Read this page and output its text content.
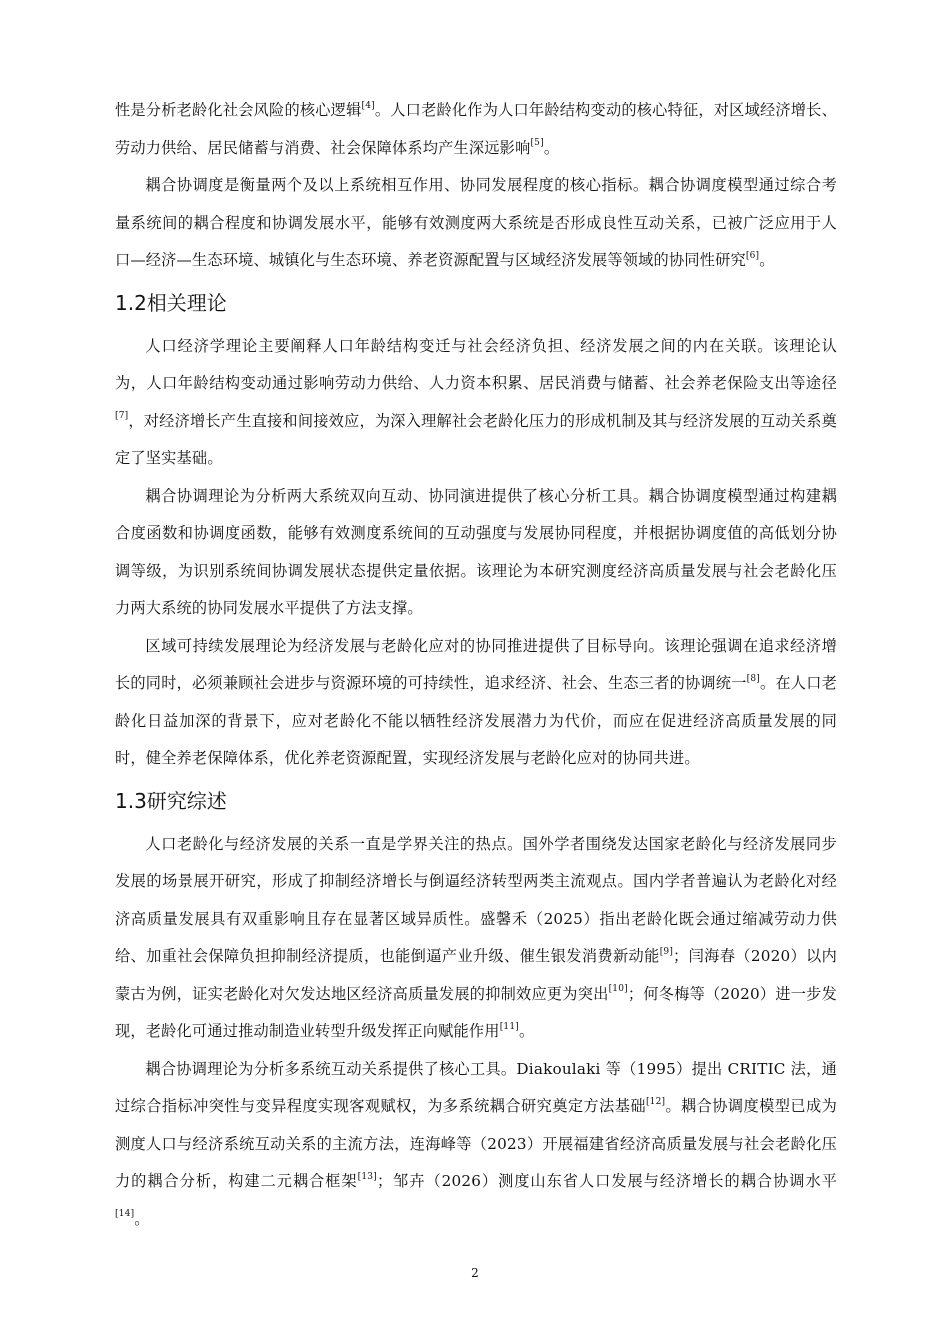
性是分析老龄化社会风险的核心逻辑[4]。人口老龄化作为人口年龄结构变动的核心特征，对区域经济增长、劳动力供给、居民储蓄与消费、社会保障体系均产生深远影响[5]。

耦合协调度是衡量两个及以上系统相互作用、协同发展程度的核心指标。耦合协调度模型通过综合考量系统间的耦合程度和协调发展水平，能够有效测度两大系统是否形成良性互动关系，已被广泛应用于人口—经济—生态环境、城镇化与生态环境、养老资源配置与区域经济发展等领域的协同性研究[6]。

1.2相关理论

人口经济学理论主要阐释人口年龄结构变迁与社会经济负担、经济发展之间的内在关联。该理论认为，人口年龄结构变动通过影响劳动力供给、人力资本积累、居民消费与储蓄、社会养老保险支出等途径[7]，对经济增长产生直接和间接效应，为深入理解社会老龄化压力的形成机制及其与经济发展的互动关系奠定了坚实基础。

耦合协调理论为分析两大系统双向互动、协同演进提供了核心分析工具。耦合协调度模型通过构建耦合度函数和协调度函数，能够有效测度系统间的互动强度与发展协同程度，并根据协调度值的高低划分协调等级，为识别系统间协调发展状态提供定量依据。该理论为本研究测度经济高质量发展与社会老龄化压力两大系统的协同发展水平提供了方法支撑。

区域可持续发展理论为经济发展与老龄化应对的协同推进提供了目标导向。该理论强调在追求经济增长的同时，必须兼顾社会进步与资源环境的可持续性，追求经济、社会、生态三者的协调统一[8]。在人口老龄化日益加深的背景下，应对老龄化不能以牺牲经济发展潜力为代价，而应在促进经济高质量发展的同时，健全养老保障体系，优化养老资源配置，实现经济发展与老龄化应对的协同共进。

1.3研究综述

人口老龄化与经济发展的关系一直是学界关注的热点。国外学者围绕发达国家老龄化与经济发展同步发展的场景展开研究，形成了抑制经济增长与倒逼经济转型两类主流观点。国内学者普遍认为老龄化对经济高质量发展具有双重影响且存在显著区域异质性。盛馨禾（2025）指出老龄化既会通过缩减劳动力供给、加重社会保障负担抑制经济提质，也能倒逼产业升级、催生银发消费新动能[9]；闫海春（2020）以内蒙古为例，证实老龄化对欠发达地区经济高质量发展的抑制效应更为突出[10]；何冬梅等（2020）进一步发现，老龄化可通过推动制造业转型升级发挥正向赋能作用[11]。

耦合协调理论为分析多系统互动关系提供了核心工具。Diakoulaki 等（1995）提出 CRITIC 法，通过综合指标冲突性与变异程度实现客观赋权，为多系统耦合研究奠定方法基础[12]。耦合协调度模型已成为测度人口与经济系统互动关系的主流方法，连海峰等（2023）开展福建省经济高质量发展与社会老龄化压力的耦合分析，构建二元耦合框架[13]；邹卉（2026）测度山东省人口发展与经济增长的耦合协调水平[14]。

2
